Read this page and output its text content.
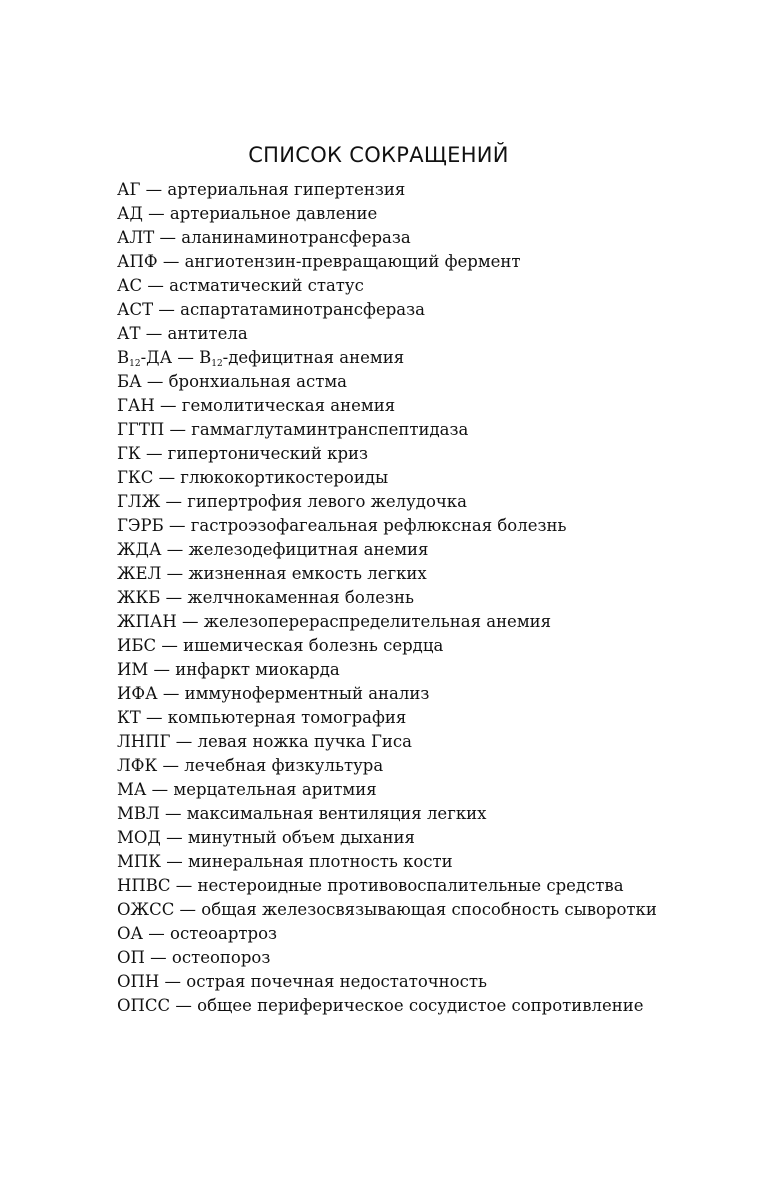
СПИСОК СОКРАЩЕНИЙ
АГ — артериальная гипертензия
АД — артериальное давление
АЛТ — аланинаминотрансфераза
АПФ — ангиотензин-превращающий фермент
АС — астматический статус
АСТ — аспартатаминотрансфераза
АТ — антитела
$В_{12}-ДА$ — $В_{12}$-дефицитная анемия
БА — бронхиальная астма
ГАН — гемолитическая анемия
ГГТП — гаммаглутаминтранспептидаза
ГК — гипертонический криз
ГКС — глюкокортикостероиды
ГЛЖ — гипертрофия левого желудочка
ГЭРБ — гастроэзофагеальная рефлюксная болезнь
ЖДА — железодефицитная анемия
ЖЕЛ — жизненная емкость легких
ЖКБ — желчнокаменная болезнь
ЖПАН — железоперераспределительная анемия
ИБС — ишемическая болезнь сердца
ИМ — инфаркт миокарда
ИФА — иммуноферментный анализ
КТ — компьютерная томография
ЛНПГ — левая ножка пучка Гиса
ЛФК — лечебная физкультура
МА — мерцательная аритмия
МВЛ — максимальная вентиляция легких
МОД — минутный объем дыхания
МПК — минеральная плотность кости
НПВС — нестероидные противовоспалительные средства
ОЖСС — общая железосвязывающая способность сыворотки
ОА — остеоартроз
ОП — остеопороз
ОПН — острая почечная недостаточность
ОПСС — общее периферическое сосудистое сопротивление
